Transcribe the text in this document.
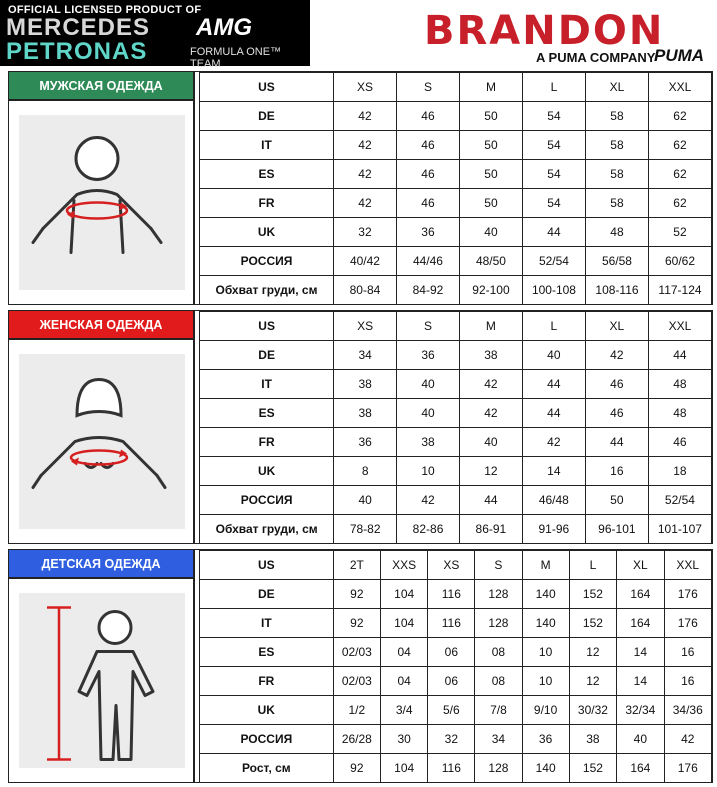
OFFICIAL LICENSED PRODUCT OF
MERCEDES AMG
PETRONAS	FORMULA ONE™ TEAM
BRANDON
A PUMA COMPANY
PUMA
МУЖСКАЯ ОДЕЖДА	US	XS	S	M	L	XL	XXL
DE	42	46	50	54	58	62
IT	42	46	50	54	58	62
ES	42	46	50	54	58	62
FR	42	46	50	54	58	62
UK	32	36	40	44	48	52
РОССИЯ	40/42	44/46	48/50	52/54	56/58	60/62
Обхват груди, см	80-84	84-92	92-100	100-108	108-116	117-124
ЖЕНСКАЯ ОДЕЖДА	US	XS	S	M	L	XL	XXL
DE	34	36	38	40	42	44
IT	38	40	42	44	46	48
ES	38	40	42	44	46	48
FR	36	38	40	42	44	46
UK	8	10	12	14	16	18
РОССИЯ	40	42	44	46/48	50	52/54
Обхват груди, см	78-82	82-86	86-91	91-96	96-101	101-107
ДЕТСКАЯ ОДЕЖДА	US	2T	XXS	XS	S	M	L	XL	XXL
DE	92	104	116	128	140	152	164	176
IT	92	104	116	128	140	152	164	176
ES	02/03	04	06	08	10	12	14	16
FR	02/03	04	06	08	10	12	14	16
UK	1/2	3/4	5/6	7/8	9/10	30/32	32/34	34/36
РОССИЯ	26/28	30	32	34	36	38	40	42
Рост, см	92	104	116	128	140	152	164	176
